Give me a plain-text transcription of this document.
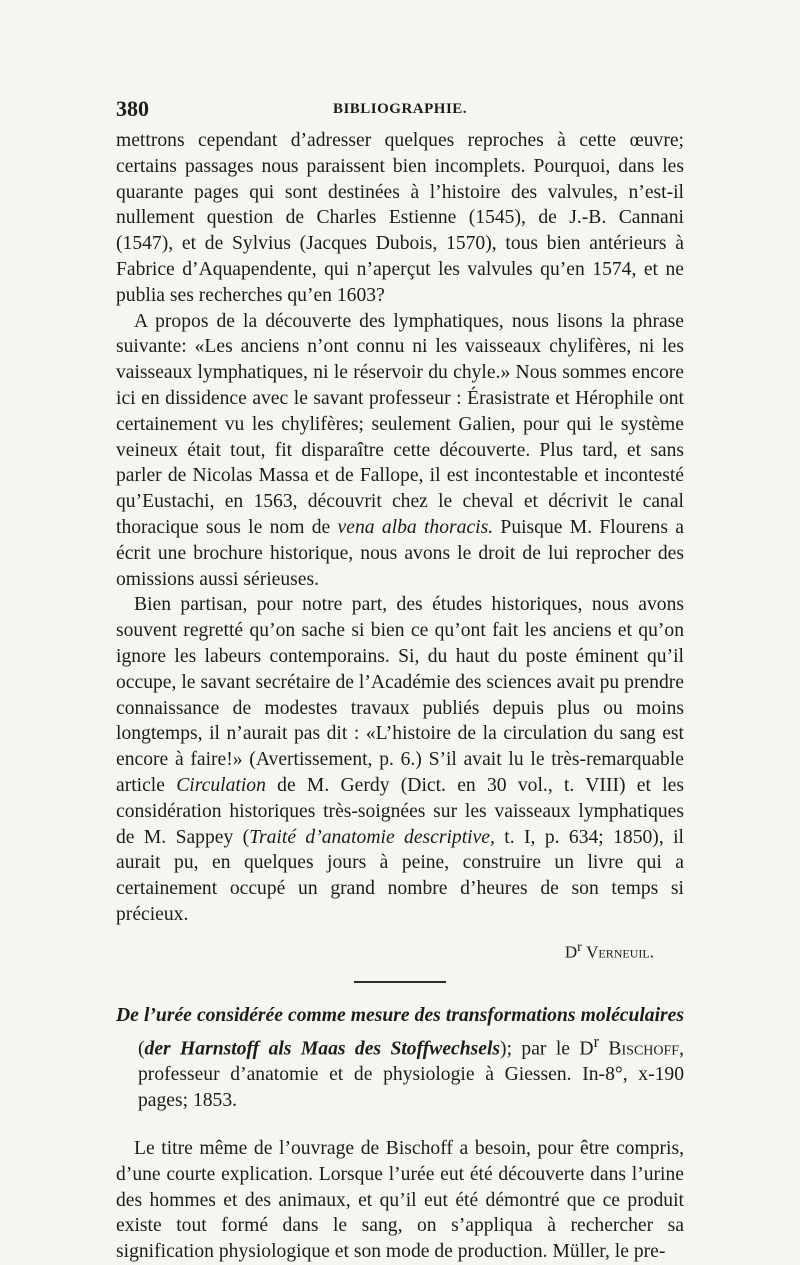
380	BIBLIOGRAPHIE.

mettrons cependant d’adresser quelques reproches à cette œuvre; certains passages nous paraissent bien incomplets. Pourquoi, dans les quarante pages qui sont destinées à l’histoire des valvules, n’est-il nullement question de Charles Estienne (1545), de J.-B. Cannani (1547), et de Sylvius (Jacques Dubois, 1570), tous bien antérieurs à Fabrice d’Aquapendente, qui n’aperçut les valvules qu’en 1574, et ne publia ses recherches qu’en 1603?

A propos de la découverte des lymphatiques, nous lisons la phrase suivante: «Les anciens n’ont connu ni les vaisseaux chylifères, ni les vaisseaux lymphatiques, ni le réservoir du chyle.» Nous sommes encore ici en dissidence avec le savant professeur : Érasistrate et Hérophile ont certainement vu les chylifères; seulement Galien, pour qui le système veineux était tout, fit disparaître cette découverte. Plus tard, et sans parler de Nicolas Massa et de Fallope, il est incontestable et incontesté qu’Eustachi, en 1563, découvrit chez le cheval et décrivit le canal thoracique sous le nom de vena alba thoracis. Puisque M. Flourens a écrit une brochure historique, nous avons le droit de lui reprocher des omissions aussi sérieuses.

Bien partisan, pour notre part, des études historiques, nous avons souvent regretté qu’on sache si bien ce qu’ont fait les anciens et qu’on ignore les labeurs contemporains. Si, du haut du poste éminent qu’il occupe, le savant secrétaire de l’Académie des sciences avait pu prendre connaissance de modestes travaux publiés depuis plus ou moins longtemps, il n’aurait pas dit : «L’histoire de la circulation du sang est encore à faire!» (Avertissement, p. 6.) S’il avait lu le très-remarquable article Circulation de M. Gerdy (Dict. en 30 vol., t. VIII) et les considération historiques très-soignées sur les vaisseaux lymphatiques de M. Sappey (Traité d’anatomie descriptive, t. I, p. 634; 1850), il aurait pu, en quelques jours à peine, construire un livre qui a certainement occupé un grand nombre d’heures de son temps si précieux.

$D^r$ Verneuil.

De l’urée considérée comme mesure des transformations moléculaires (der Harnstoff als Maas des Stoffwechsels); par le $D^r$ Bischoff, professeur d’anatomie et de physiologie à Giessen. In-8°, x-190 pages; 1853.

Le titre même de l’ouvrage de Bischoff a besoin, pour être compris, d’une courte explication. Lorsque l’urée eut été découverte dans l’urine des hommes et des animaux, et qu’il eut été démontré que ce produit existe tout formé dans le sang, on s’appliqua à rechercher sa signification physiologique et son mode de production. Müller, le pre-
